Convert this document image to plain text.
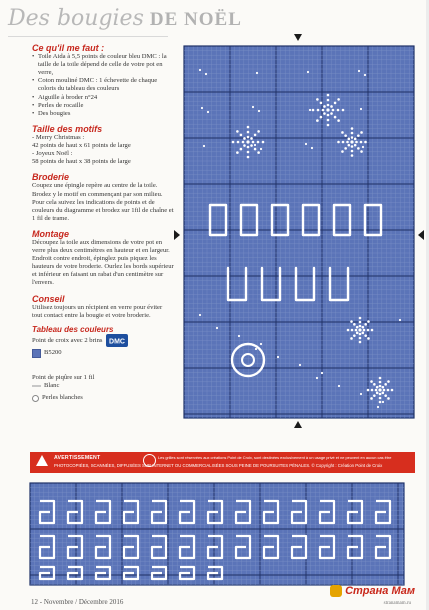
Des bougies DE NOËL
Ce qu'il me faut :
• Toile Aida à 5,5 points de couleur bleu DMC : la taille de la toile dépend de celle de votre pot en verre,
• Coton mouliné DMC : 1 échevette de chaque coloris du tableau des couleurs
• Aiguille à broder n°24
• Perles de rocaille
• Des bougies
Taille des motifs

- Merry Christmas :

42 points de haut x 61 points de large

- Joyeux Noël :

58 points de haut x 38 points de large

Broderie
Coupez une épingle repère au centre de la toile. Brodez y le motif en commençant par son milieu. Pour cela suivez les indications de points et de couleurs du diagramme et brodez sur 1fil de chaîne et 1 fil de trame.
Montage
Découpez la toile aux dimensions de votre pot en verre plus deux centimètres en hauteur et en largeur. Endroit contre endroit, épinglez puis piquez les hauteurs de votre broderie. Ourlez les bords supérieur et inférieur en faisant un rabat d'un centimètre sur l'envers.
Conseil
Utilisez toujours un récipient en verre pour éviter tout contact entre la bougie et votre broderie.
Tableau des couleurs
Point de croix avec 2 brins DMC
B5200
Point de piqûre sur 1 fil
Blanc
Perles blanches
AVERTISSEMENT	Les grilles sont réservées aux créations Point de Croix, sont destinées exclusivement à un usage privé et ne peuvent en aucun cas être
PHOTOCOPIÉES, SCANNÉES, DIFFUSÉES SUR INTERNET OU COMMERCIALISÉES SOUS PEINE DE POURSUITES PÉNALES. © Copyright : Création Point de Croix
12 - Novembre / Décembre 2016
Страна Мам
stranamam.ru
